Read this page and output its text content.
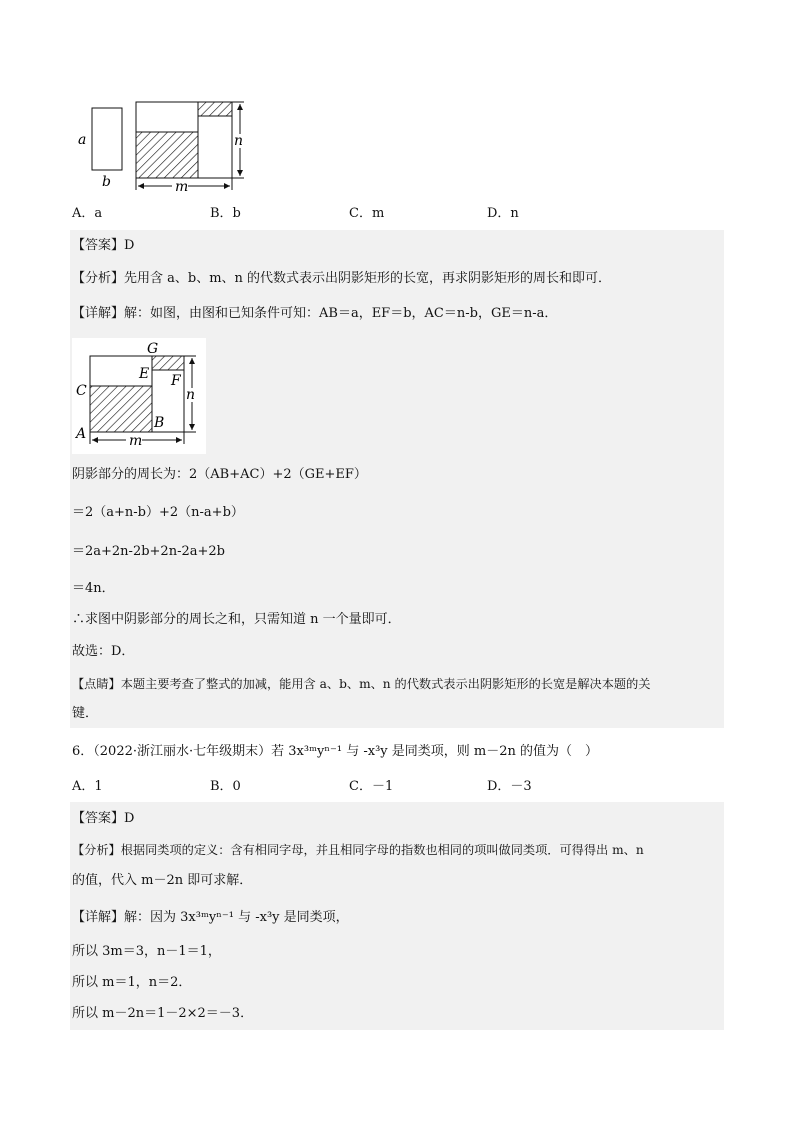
a
b	m
n
A．a	B．b	C．m	D．n
【答案】D
【分析】先用含 a、b、m、n 的代数式表示出阴影矩形的长宽，再求阴影矩形的周长和即可．
【详解】解：如图，由图和已知条件可知：AB＝a，EF＝b，AC＝n-b，GE＝n-a．
m
n
G
E F
C
A
B
阴影部分的周长为：2（AB+AC）+2（GE+EF）
＝2（a+n-b）+2（n-a+b）
＝2a+2n-2b+2n-2a+2b
＝4n．
∴求图中阴影部分的周长之和，只需知道 n 一个量即可．
故选：D．
【点睛】本题主要考查了整式的加减，能用含 a、b、m、n 的代数式表示出阴影矩形的长宽是解决本题的关
键．
6．（2022·浙江丽水·七年级期末）若 3x³ᵐyⁿ⁻¹ 与 -x³y 是同类项，则 m－2n 的值为（　）
A．1	B．0	C．－1	D．－3
【答案】D
【分析】根据同类项的定义：含有相同字母，并且相同字母的指数也相同的项叫做同类项．可得得出 m、n
的值，代入 m－2n 即可求解．
【详解】解：因为 3x³ᵐyⁿ⁻¹ 与 -x³y 是同类项，
所以 3m＝3，n－1＝1，
所以 m＝1，n＝2．
所以 m－2n＝1－2×2＝－3．
